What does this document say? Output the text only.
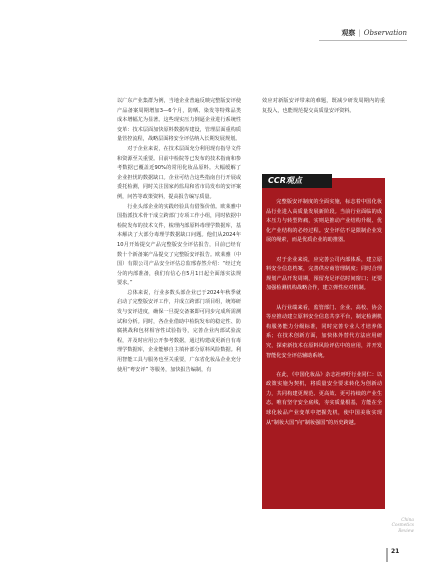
观察 | Observation

以广东产业集群为例，当地企业普遍反映完整版安评使产品备案周期增加3—6个月，防晒、染发等特殊品类成本增幅尤为显著。这些现实压力倒逼企业进行系统性变革：技术层面加快原料数据库建设，管理层面重构质量管控流程，战略层面将安全评估纳入长期发展规划。

对于企业来说，在技术层面充分利用现有指导文件和资源至关重要。目前中检院等已发布的技术指南和参考数据已覆盖近90%的常用化妆品原料。大幅缓解了企业担忧的数据缺口。企业可结合这些指南自行开展或委托检测，同时关注国家药监局和省市局发布的安评案例，问答等政策资料，提高报告编写质量。

行业头部企业的实践经验具有借鉴价值。欧莱雅中国指派技术骨干成立跨部门专项工作小组，同时依据中检院发布的技术文件，梳理内部原料毒理学数据库，基本解决了大部分毒理学数据缺口问题。他们从2024年10月开始提交产品完整版安全评估报告，目前已经有数十个新备案产品提交了完整版安评报告。欧莱雅（中国）有限公司产品安全评估总监邢春然介绍：“经过充分的内部准备，我们有信心自5月1日起全面落实法规要求。”

总体来说，行业多数头部企业已于2024年秋季就启动了完整版安评工作，并成立跨部门项目组，统筹研发与安评进度，确保一旦提交备案即可同步完成所需测试和分析。同时，各企业借助中检院发布的稳定性、防腐挑战和包材相容性试验指导，完善企业内部试验流程，并及时应用公开参考数据，通过构建或更新自有毒理学数据库，企业能够自主填补部分原料风险数据。利用智能工具与服务也至关重要，广东省化妆品企业充分使用“粤安评” 等服务，加快报告编制，有

效应对新版安评带来的难题，既减少研发周期内的重复投入，也能规范提交高质量安评资料。

CCR观点

完整版安评制度的全面实施，标志着中国化妆品行业进入高质量发展新阶段。当前行业面临的成本压力与转型阵痛，实则是推动产业结构升级、优化产业结构的必经过程。安全评估不是限制企业发展的绳索，而是优质企业的助推器。

对于企业来说，应完善公司内部体系，建立原料安全信息档案，完善供应商管理制度；同时合理规划产品开发周期，预留充足评估时间窗口；还要加强检测机构战略合作，建立弹性应对机制。

从行业端来看，监管部门、企业、高校、协会等应推动建立原料安全信息共享平台，制定检测机构服务能力分级标准，同时完善专业人才培养体系；在技术创新方面，加快体外替代方法应用研究，探索新技术在原料风险评估中的应用，并开发智能化安全评估辅助系统。

在此，《中国化妆品》杂志社呼吁行业同仁：以政策实施为契机，将质量安全要求转化为创新动力，共同构建更规范、更高效、更可持续的产业生态。唯有坚守安全底线，夯实质量根基，方能在全球化妆品产业变革中把握先机，使中国美妆实现从“制妆大国”向“制妆强国”的历史跨越。

China
Cosmetics
Review
21
